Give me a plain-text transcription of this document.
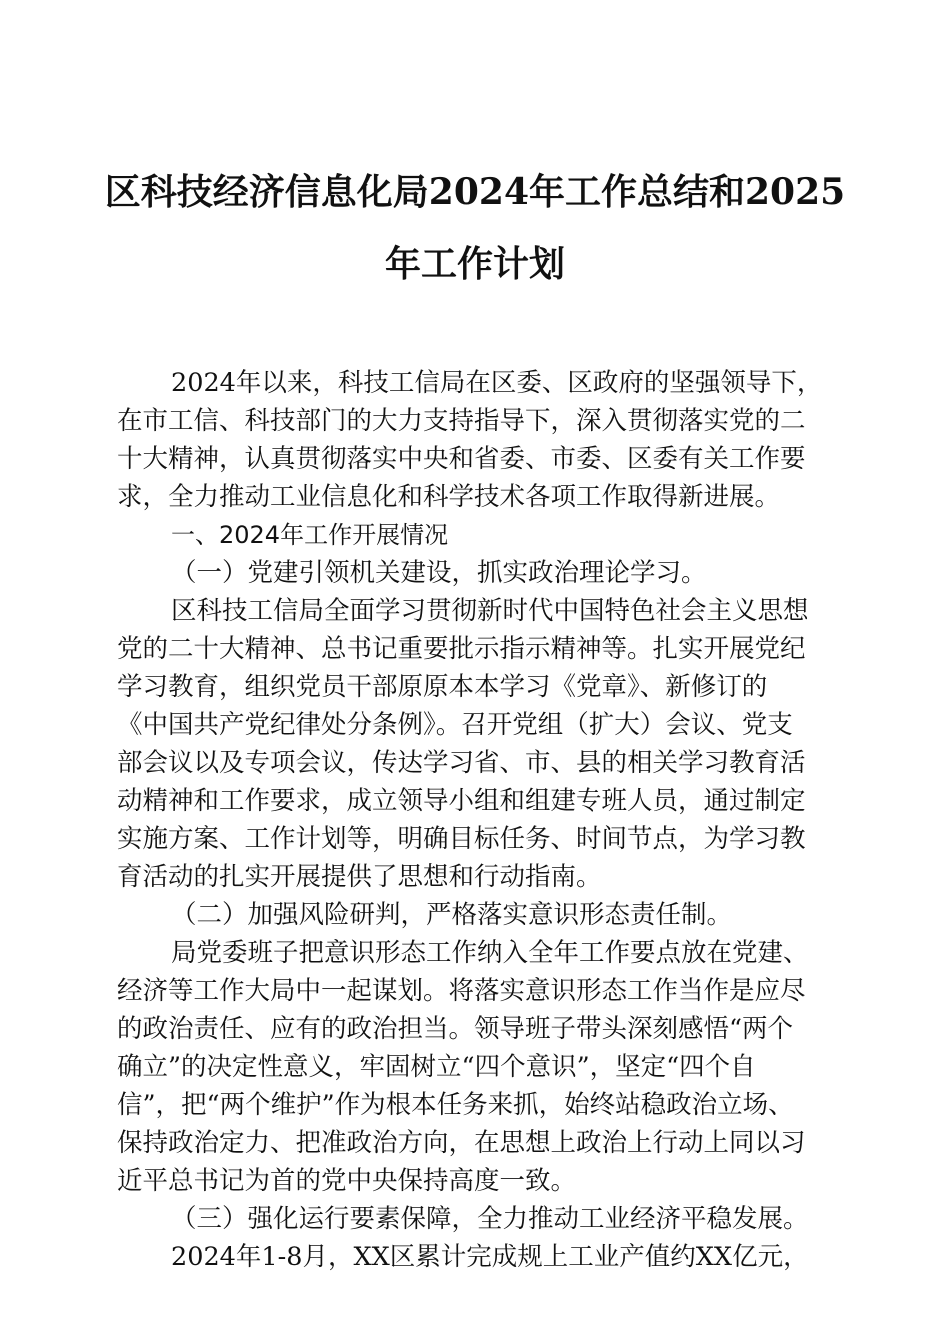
区科技经济信息化局2024年工作总结和2025
年工作计划
2024年以来，科技工信局在区委、区政府的坚强领导下，
在市工信、科技部门的大力支持指导下，深入贯彻落实党的二
十大精神，认真贯彻落实中央和省委、市委、区委有关工作要
求，全力推动工业信息化和科学技术各项工作取得新进展。
一、2024年工作开展情况
（一）党建引领机关建设，抓实政治理论学习。
区科技工信局全面学习贯彻新时代中国特色社会主义思想
党的二十大精神、总书记重要批示指示精神等。扎实开展党纪
学习教育，组织党员干部原原本本学习《党章》、新修订的
《中国共产党纪律处分条例》。召开党组（扩大）会议、党支
部会议以及专项会议，传达学习省、市、县的相关学习教育活
动精神和工作要求，成立领导小组和组建专班人员，通过制定
实施方案、工作计划等，明确目标任务、时间节点，为学习教
育活动的扎实开展提供了思想和行动指南。
（二）加强风险研判，严格落实意识形态责任制。
局党委班子把意识形态工作纳入全年工作要点放在党建、
经济等工作大局中一起谋划。将落实意识形态工作当作是应尽
的政治责任、应有的政治担当。领导班子带头深刻感悟“两个
确立”的决定性意义，牢固树立“四个意识”，坚定“四个自
信”，把“两个维护”作为根本任务来抓，始终站稳政治立场、
保持政治定力、把准政治方向，在思想上政治上行动上同以习
近平总书记为首的党中央保持高度一致。
（三）强化运行要素保障，全力推动工业经济平稳发展。
2024年1-8月，XX区累计完成规上工业产值约XX亿元，
